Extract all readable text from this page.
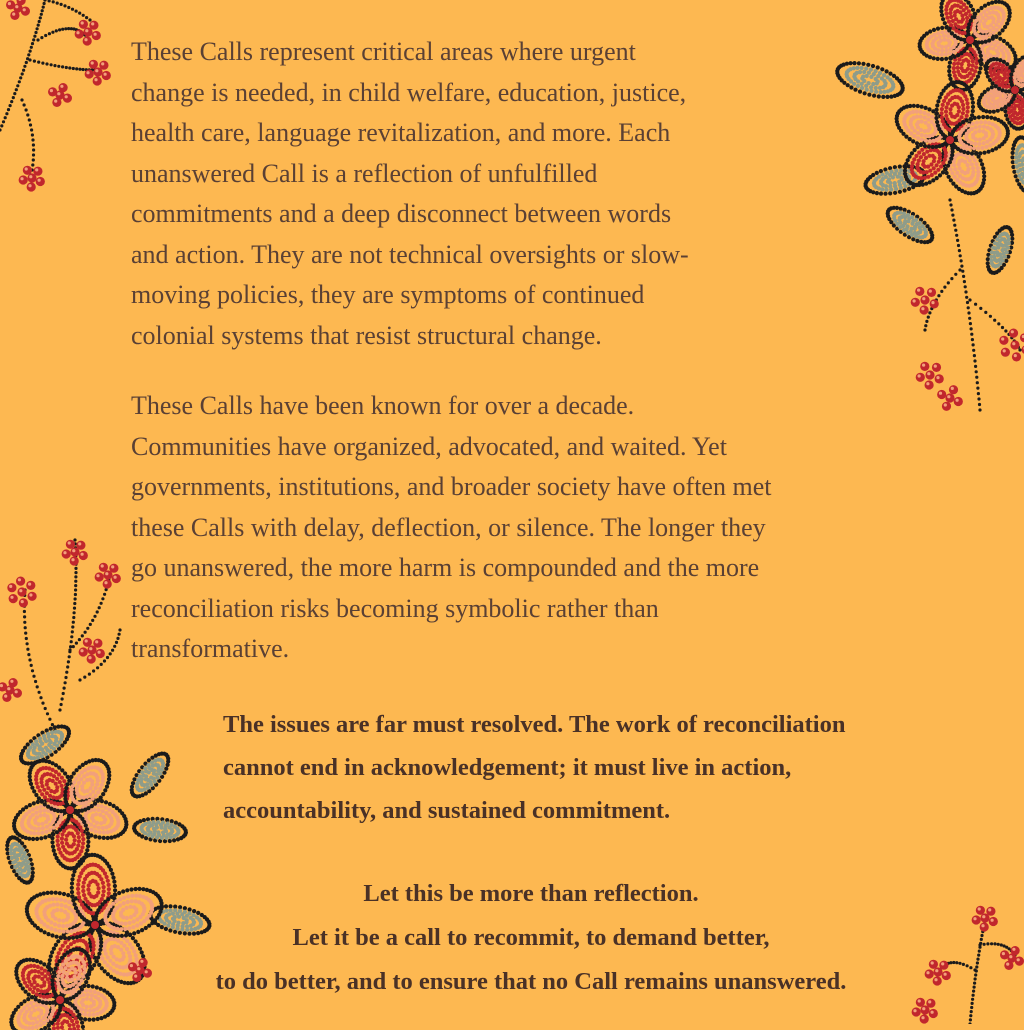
These Calls represent critical areas where urgent
change is needed, in child welfare, education, justice,
health care, language revitalization, and more. Each
unanswered Call is a reflection of unfulfilled
commitments and a deep disconnect between words
and action. They are not technical oversights or slow-
moving policies, they are symptoms of continued
colonial systems that resist structural change.

These Calls have been known for over a decade.
Communities have organized, advocated, and waited. Yet
governments, institutions, and broader society have often met
these Calls with delay, deflection, or silence. The longer they
go unanswered, the more harm is compounded and the more
reconciliation risks becoming symbolic rather than
transformative.

The issues are far must resolved. The work of reconciliation
cannot end in acknowledgement; it must live in action,
accountability, and sustained commitment.

Let this be more than reflection.
Let it be a call to recommit, to demand better,
to do better, and to ensure that no Call remains unanswered.
